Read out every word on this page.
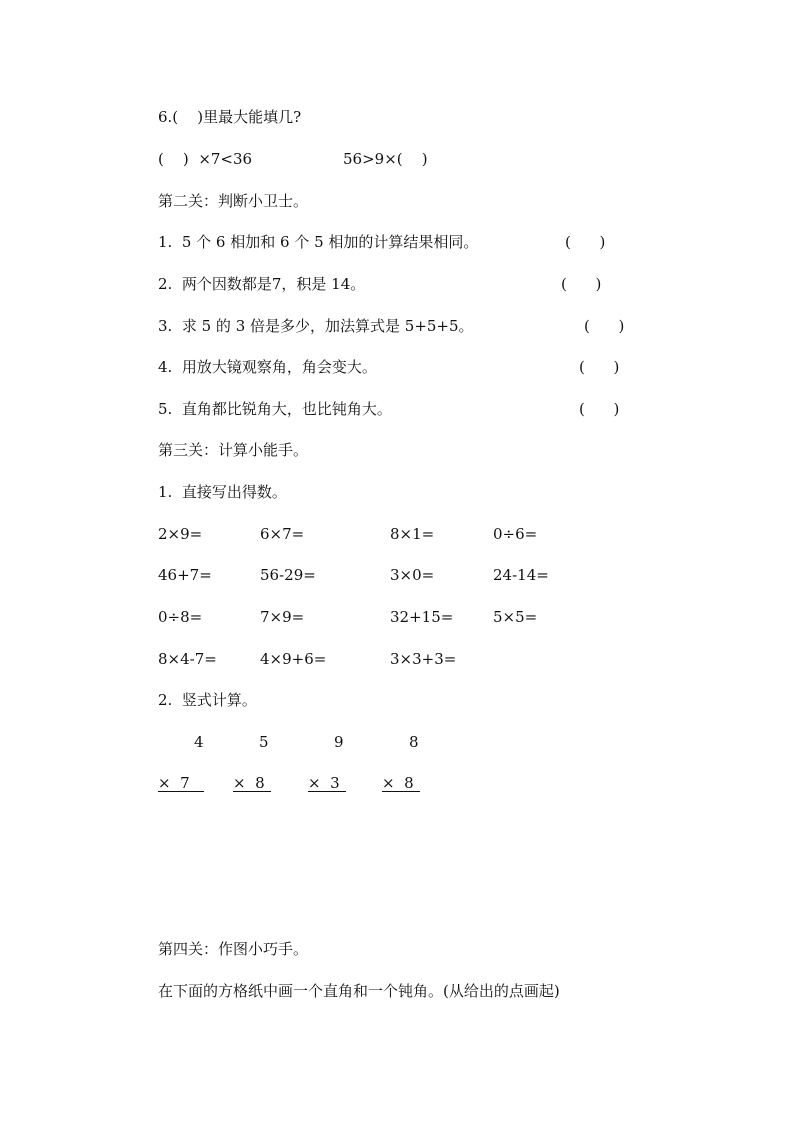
6.(    )里最大能填几?
(    )  ×7<36	56>9×(    )
第二关：判断小卫士。
1.  5 个 6 相加和 6 个 5 相加的计算结果相同。	(      )
2.  两个因数都是7，积是 14。	(      )
3.  求 5 的 3 倍是多少，加法算式是 5+5+5。	(      )
4.  用放大镜观察角，角会变大。	(      )
5.  直角都比锐角大，也比钝角大。	(      )
第三关：计算小能手。
1.  直接写出得数。
2×9=	6×7=	8×1=	0÷6=
46+7=	56-29=	3×0=	24-14=
0÷8=	7×9=	32+15=	5×5=
8×4-7=	4×9+6=	3×3+3=
2.  竖式计算。
4
×  7
5
×  8
9
×  3
8
×  8
第四关：作图小巧手。
在下面的方格纸中画一个直角和一个钝角。(从给出的点画起)
